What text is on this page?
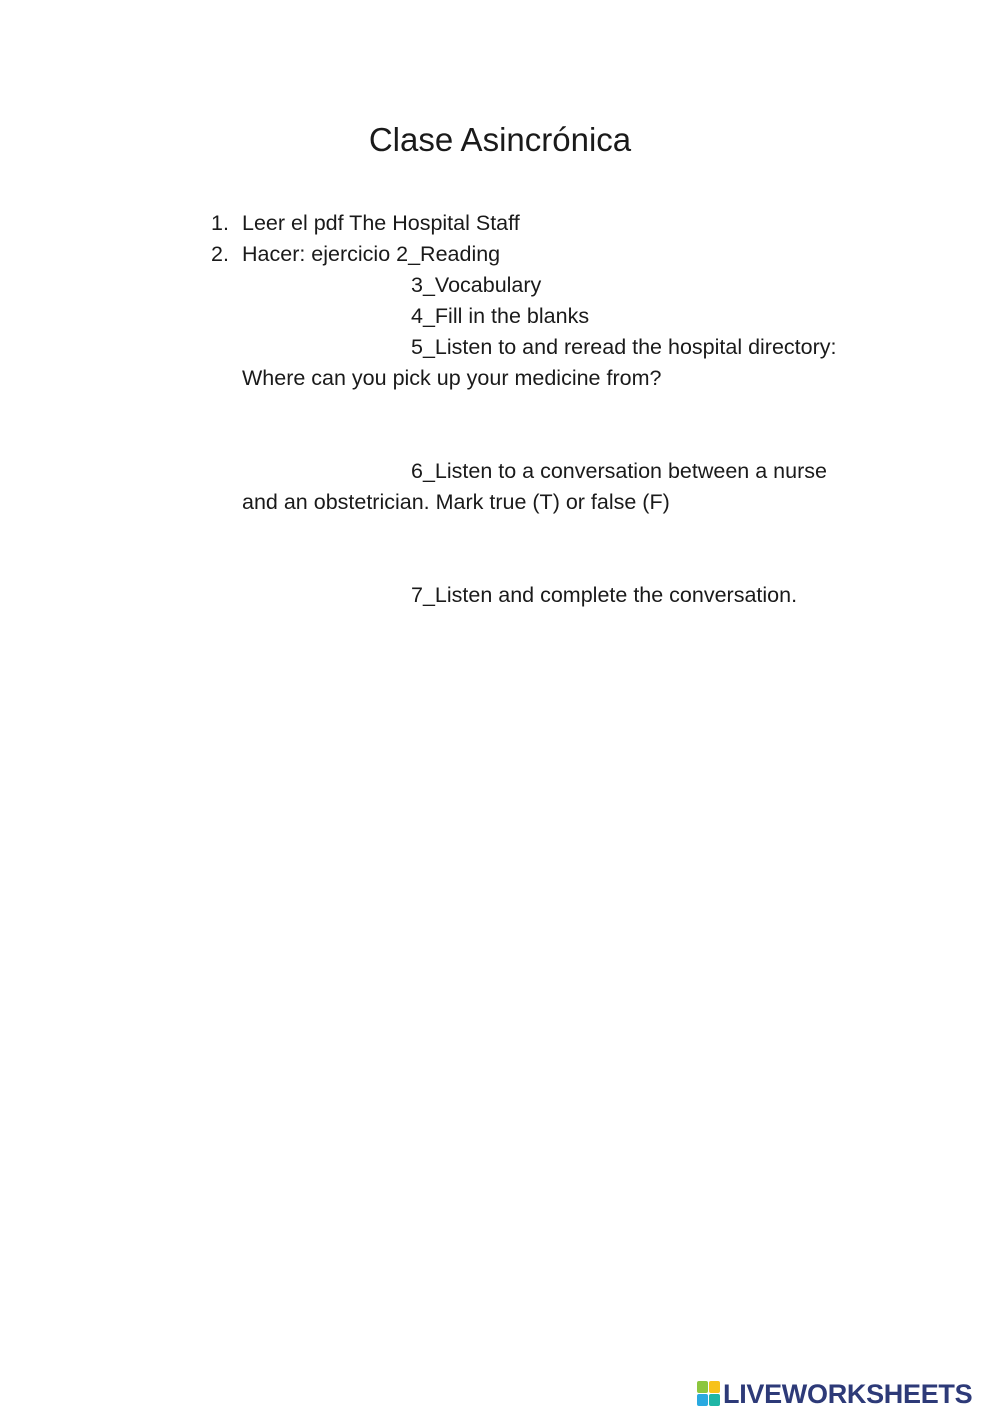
Clase Asincrónica
1. Leer el pdf The Hospital Staff
2. Hacer: ejercicio 2_Reading
3_Vocabulary
4_Fill in the blanks
5_Listen to and reread the hospital directory:
Where can you pick up your medicine from?
6_Listen to a conversation between a nurse
and an obstetrician. Mark true (T) or false (F)
7_Listen and complete the conversation.
LIVEWORKSHEETS
